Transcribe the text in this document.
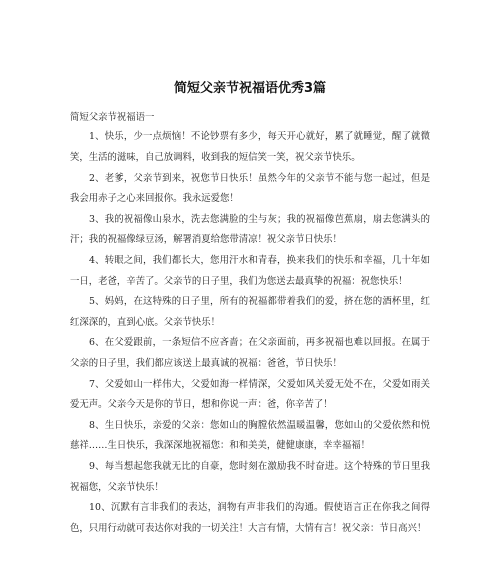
简短父亲节祝福语优秀3篇

简短父亲节祝福语一

1、快乐，少一点烦恼！不论钞票有多少，每天开心就好，累了就睡觉，醒了就微笑，生活的滋味，自己放调料，收到我的短信笑一笑，祝父亲节快乐。

2、老爹，父亲节到来，祝您节日快乐！虽然今年的父亲节不能与您一起过，但是我会用赤子之心来回报你。我永远爱您！

3、我的祝福像山泉水，洗去您满脸的尘与灰；我的祝福像芭蕉扇，扇去您满头的汗；我的祝福像绿豆汤，解署消夏给您带清凉！祝父亲节日快乐！

4、转眼之间，我们都长大，您用汗水和青春，换来我们的快乐和幸福，几十年如一日，老爸，辛苦了。父亲节的日子里，我们为您送去最真挚的祝福：祝您快乐！

5、妈妈，在这特殊的日子里，所有的祝福都带着我们的爱，挤在您的酒杯里，红红深深的，直到心底。父亲节快乐！

6、在父爱跟前，一条短信不应吝啬；在父亲面前，再多祝福也难以回报。在属于父亲的日子里，我们都应该送上最真诚的祝福：爸爸，节日快乐！

7、父爱如山一样伟大，父爱如海一样情深，父爱如风关爱无处不在，父爱如雨关爱无声。父亲今天是你的节日，想和你说一声：爸，你辛苦了！

8、生日快乐，亲爱的父亲：您如山的胸膛依然温暖温馨，您如山的父爱依然和悦慈祥……生日快乐，我深深地祝福您：和和美美，健健康康，幸幸福福！

9、每当想起您我就无比的自豪，您时刻在激励我不时奋进。这个特殊的节日里我祝福您，父亲节快乐！

10、沉默有言非我们的表达，润物有声非我们的沟通。假使语言正在你我之间得色，只用行动就可表达你对我的一切关注！大言有情，大情有言！祝父亲：节日高兴！
